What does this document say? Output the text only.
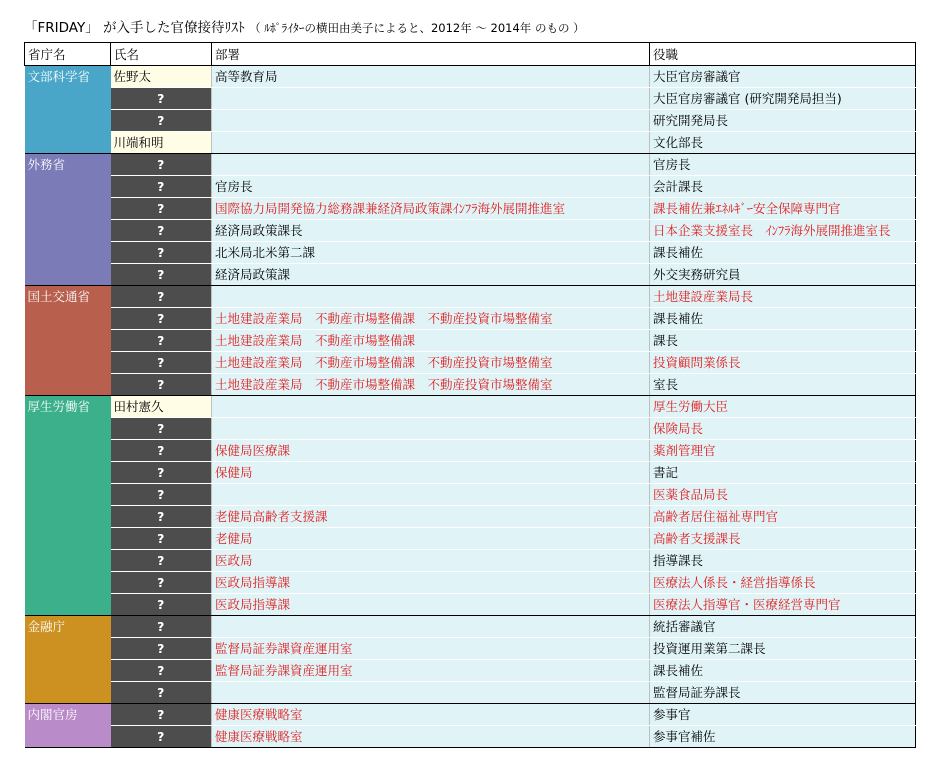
「FRIDAY」 が入手した官僚接待ﾘｽﾄ （ ﾙﾎﾟﾗｲﾀｰの横田由美子によると、2012年 ～ 2014年 のもの ）
省庁名	氏名	部署	役職
文部科学省	佐野太	高等教育局	大臣官房審議官
	?		大臣官房審議官 (研究開発局担当)
	?		研究開発局長
	川端和明		文化部長
外務省	?		官房長
	?	官房長	会計課長
	?	国際協力局開発協力総務課兼経済局政策課ｲﾝﾌﾗ海外展開推進室	課長補佐兼ｴﾈﾙｷﾞｰ安全保障専門官
	?	経済局政策課長	日本企業支援室長　ｲﾝﾌﾗ海外展開推進室長
	?	北米局北米第二課	課長補佐
	?	経済局政策課	外交実務研究員
国土交通省	?		土地建設産業局長
	?	土地建設産業局　不動産市場整備課　不動産投資市場整備室	課長補佐
	?	土地建設産業局　不動産市場整備課	課長
	?	土地建設産業局　不動産市場整備課　不動産投資市場整備室	投資顧問業係長
	?	土地建設産業局　不動産市場整備課　不動産投資市場整備室	室長
厚生労働省	田村憲久		厚生労働大臣
	?		保険局長
	?	保健局医療課	薬剤管理官
	?	保健局	書記
	?		医薬食品局長
	?	老健局高齢者支援課	高齢者居住福祉専門官
	?	老健局	高齢者支援課長
	?	医政局	指導課長
	?	医政局指導課	医療法人係長・経営指導係長
	?	医政局指導課	医療法人指導官・医療経営専門官
金融庁	?		統括審議官
	?	監督局証券課資産運用室	投資運用業第二課長
	?	監督局証券課資産運用室	課長補佐
	?		監督局証券課長
内閣官房	?	健康医療戦略室	参事官
	?	健康医療戦略室	参事官補佐
